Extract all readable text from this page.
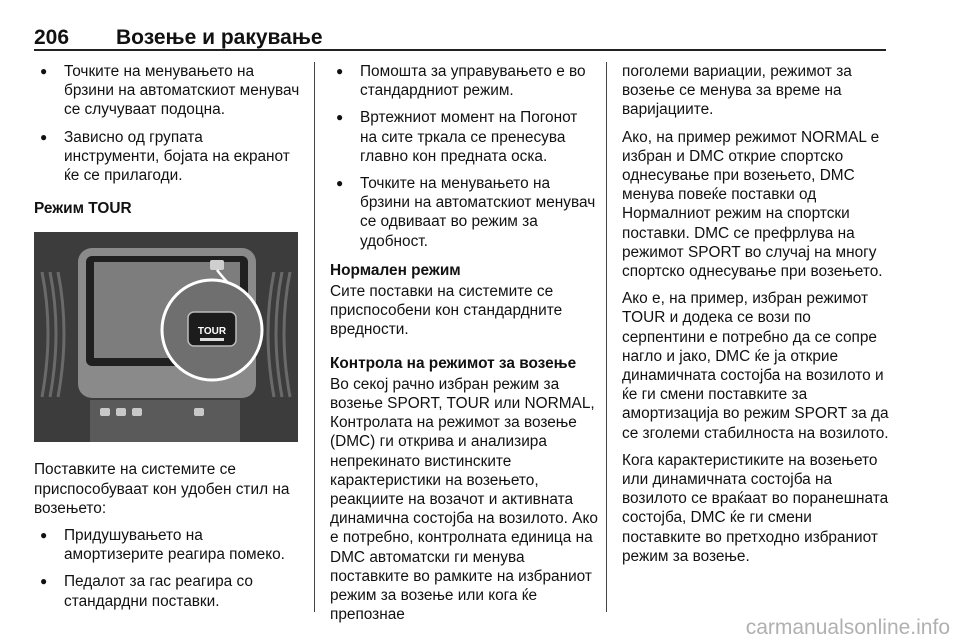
206 Возење и ракување
● Точките на менувањето на брзини на автоматскиот менувач се случуваат подоцна.
● Зависно од групата инструменти, бојата на екранот ќе се прилагоди.
Режим TOUR
TOUR

Поставките на системите се приспособуваат кон удобен стил на возењето:

● Придушувањето на амортизерите реагира помеко.
● Педалот за гас реагира со стандардни поставки.
● Помошта за управувањето е во стандардниот режим.
● Вртежниот момент на Погонот на сите тркала се пренесува главно кон предната оска.
● Точките на менувањето на брзини на автоматскиот менувач се одвиваат во режим за удобност.
Нормален режим

Сите поставки на системите се приспособени кон стандардните вредности.

Контрола на режимот за возење

Во секој рачно избран режим за возење SPORT, TOUR или NORMAL, Контролата на режимот за возење (DMC) ги открива и анализира непрекинато вистинските карактеристики на возењето, реакциите на возачот и активната динамична состојба на возилото. Ако е потребно, контролната единица на DMC автоматски ги менува поставките во рамките на избраниот режим за возење или кога ќе препознае

поголеми вариации, режимот за возење се менува за време на варијациите.

Ако, на пример режимот NORMAL е избран и DMC открие спортско однесување при возењето, DMC менува повеќе поставки од Нормалниот режим на спортски поставки. DMC се префрлува на режимот SPORT во случај на многу спортско однесување при возењето.

Ако е, на пример, избран режимот TOUR и додека се вози по серпентини е потребно да се сопре нагло и јако, DMC ќе ја открие динамичната состојба на возилото и ќе ги смени поставките за амортизација во режим SPORT за да се зголеми стабилноста на возилото.

Кога карактеристиките на возењето или динамичната состојба на возилото се враќаат во поранешната состојба, DMC ќе ги смени поставките во претходно избраниот режим за возење.

carmanualsonline.info
